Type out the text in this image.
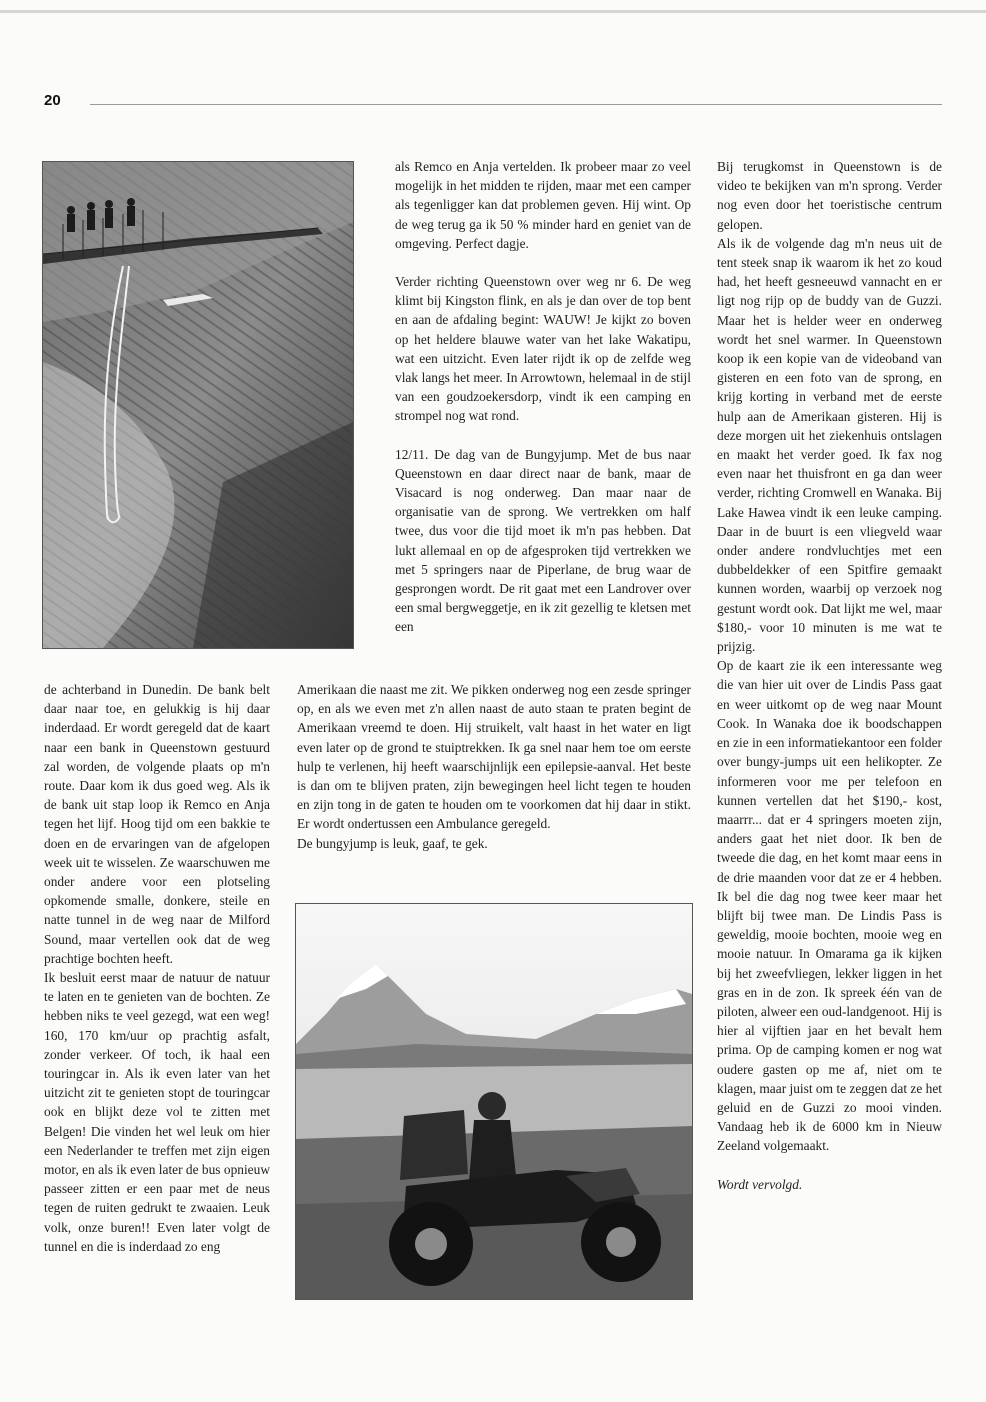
20

de achterband in Dunedin. De bank belt daar naar toe, en gelukkig is hij daar inderdaad. Er wordt geregeld dat de kaart naar een bank in Queenstown gestuurd zal worden, de volgende plaats op m'n route. Daar kom ik dus goed weg. Als ik de bank uit stap loop ik Remco en Anja tegen het lijf. Hoog tijd om een bakkie te doen en de ervaringen van de afgelopen week uit te wisselen. Ze waarschuwen me onder andere voor een plotseling opkomende smalle, donkere, steile en natte tunnel in de weg naar de Milford Sound, maar vertellen ook dat de weg prachtige bochten heeft.

Ik besluit eerst maar de natuur de natuur te laten en te genieten van de bochten. Ze hebben niks te veel gezegd, wat een weg! 160, 170 km/uur op prachtig asfalt, zonder verkeer. Of toch, ik haal een touringcar in. Als ik even later van het uitzicht zit te genieten stopt de touringcar ook en blijkt deze vol te zitten met Belgen! Die vinden het wel leuk om hier een Nederlander te treffen met zijn eigen motor, en als ik even later de bus opnieuw passeer zitten er een paar met de neus tegen de ruiten gedrukt te zwaaien. Leuk volk, onze buren!! Even later volgt de tunnel en die is inderdaad zo eng

als Remco en Anja vertelden. Ik probeer maar zo veel mogelijk in het midden te rijden, maar met een camper als tegenligger kan dat problemen geven. Hij wint. Op de weg terug ga ik 50 % minder hard en geniet van de omgeving. Perfect dagje.

Verder richting Queenstown over weg nr 6. De weg klimt bij Kingston flink, en als je dan over de top bent en aan de afdaling begint: WAUW! Je kijkt zo boven op het heldere blauwe water van het lake Wakatipu, wat een uitzicht. Even later rijdt ik op de zelfde weg vlak langs het meer. In Arrowtown, helemaal in de stijl van een goudzoekersdorp, vindt ik een camping en strompel nog wat rond.

12/11. De dag van de Bungyjump. Met de bus naar Queenstown en daar direct naar de bank, maar de Visacard is nog onderweg. Dan maar naar de organisatie van de sprong. We vertrekken om half twee, dus voor die tijd moet ik m'n pas hebben. Dat lukt allemaal en op de afgesproken tijd vertrekken we met 5 springers naar de Piperlane, de brug waar de gesprongen wordt. De rit gaat met een Landrover over een smal bergweggetje, en ik zit gezellig te kletsen met een

Amerikaan die naast me zit. We pikken onderweg nog een zesde springer op, en als we even met z'n allen naast de auto staan te praten begint de Amerikaan vreemd te doen. Hij struikelt, valt haast in het water en ligt even later op de grond te stuiptrekken. Ik ga snel naar hem toe om eerste hulp te verlenen, hij heeft waarschijnlijk een epilepsie-aanval. Het beste is dan om te blijven praten, zijn bewegingen heel licht tegen te houden en zijn tong in de gaten te houden om te voorkomen dat hij daar in stikt. Er wordt ondertussen een Ambulance geregeld.

De bungyjump is leuk, gaaf, te gek.

Bij terugkomst in Queenstown is de video te bekijken van m'n sprong. Verder nog even door het toeristische centrum gelopen.

Als ik de volgende dag m'n neus uit de tent steek snap ik waarom ik het zo koud had, het heeft gesneeuwd vannacht en er ligt nog rijp op de buddy van de Guzzi. Maar het is helder weer en onderweg wordt het snel warmer. In Queenstown koop ik een kopie van de videoband van gisteren en een foto van de sprong, en krijg korting in verband met de eerste hulp aan de Amerikaan gisteren. Hij is deze morgen uit het ziekenhuis ontslagen en maakt het verder goed. Ik fax nog even naar het thuisfront en ga dan weer verder, richting Cromwell en Wanaka. Bij Lake Hawea vindt ik een leuke camping. Daar in de buurt is een vliegveld waar onder andere rondvluchtjes met een dubbeldekker of een Spitfire gemaakt kunnen worden, waarbij op verzoek nog gestunt wordt ook. Dat lijkt me wel, maar $180,- voor 10 minuten is me wat te prijzig.

Op de kaart zie ik een interessante weg die van hier uit over de Lindis Pass gaat en weer uitkomt op de weg naar Mount Cook. In Wanaka doe ik boodschappen en zie in een informatiekantoor een folder over bungy-jumps uit een helikopter. Ze informeren voor me per telefoon en kunnen vertellen dat het $190,- kost, maarrr... dat er 4 springers moeten zijn, anders gaat het niet door. Ik ben de tweede die dag, en het komt maar eens in de drie maanden voor dat ze er 4 hebben. Ik bel die dag nog twee keer maar het blijft bij twee man. De Lindis Pass is geweldig, mooie bochten, mooie weg en mooie natuur. In Omarama ga ik kijken bij het zweefvliegen, lekker liggen in het gras en in de zon. Ik spreek één van de piloten, alweer een oud-landgenoot. Hij is hier al vijftien jaar en het bevalt hem prima. Op de camping komen er nog wat oudere gasten op me af, niet om te klagen, maar juist om te zeggen dat ze het geluid en de Guzzi zo mooi vinden. Vandaag heb ik de 6000 km in Nieuw Zeeland volgemaakt.

Wordt vervolgd.
